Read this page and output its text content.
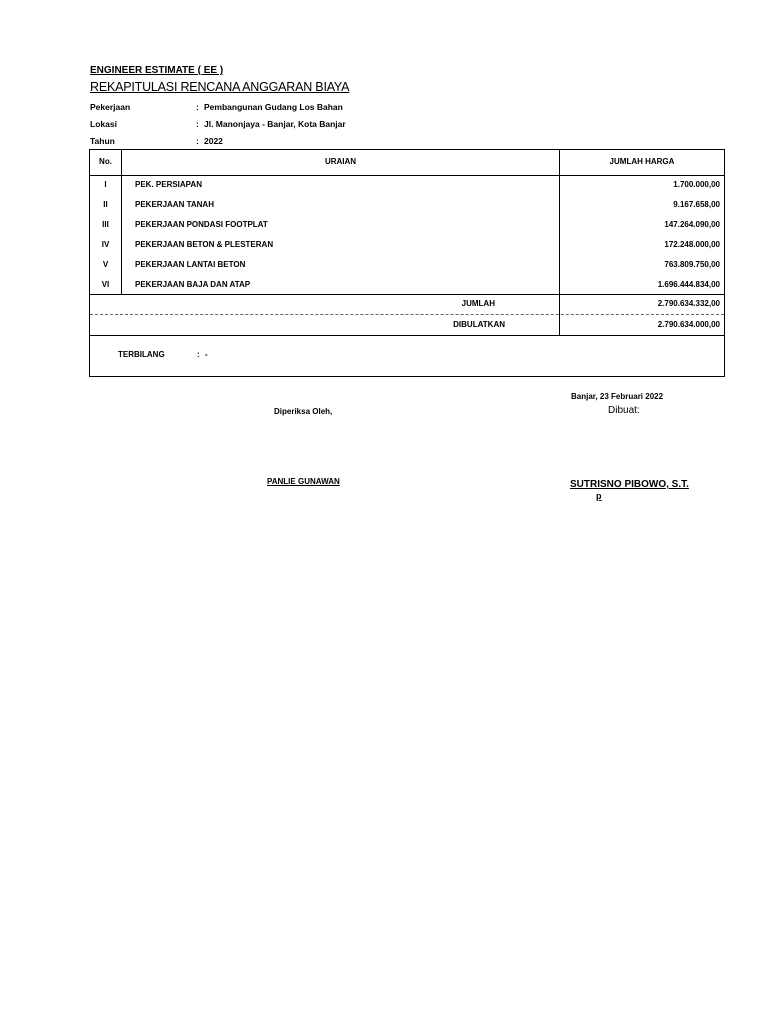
ENGINEER ESTIMATE ( EE )
REKAPITULASI RENCANA ANGGARAN BIAYA
Pekerjaan	: Pembangunan Gudang Los Bahan
Lokasi	: Jl. Manonjaya - Banjar, Kota Banjar
Tahun	: 2022
No.	URAIAN	JUMLAH HARGA
I	PEK. PERSIAPAN	1.700.000,00
II	PEKERJAAN TANAH	9.167.658,00
III	PEKERJAAN PONDASI FOOTPLAT	147.264.090,00
IV	PEKERJAAN BETON & PLESTERAN	172.248.000,00
V	PEKERJAAN LANTAI BETON	763.809.750,00
VI	PEKERJAAN BAJA DAN ATAP	1.696.444.834,00
JUMLAH	2.790.634.332,00
DIBULATKAN	2.790.634.000,00
TERBILANG	: -
Banjar, 23 Februari 2022
Diperiksa Oleh,	Dibuat:
PANLIE GUNAWAN	SUTRISNO PIBOWO, S.T.
p
